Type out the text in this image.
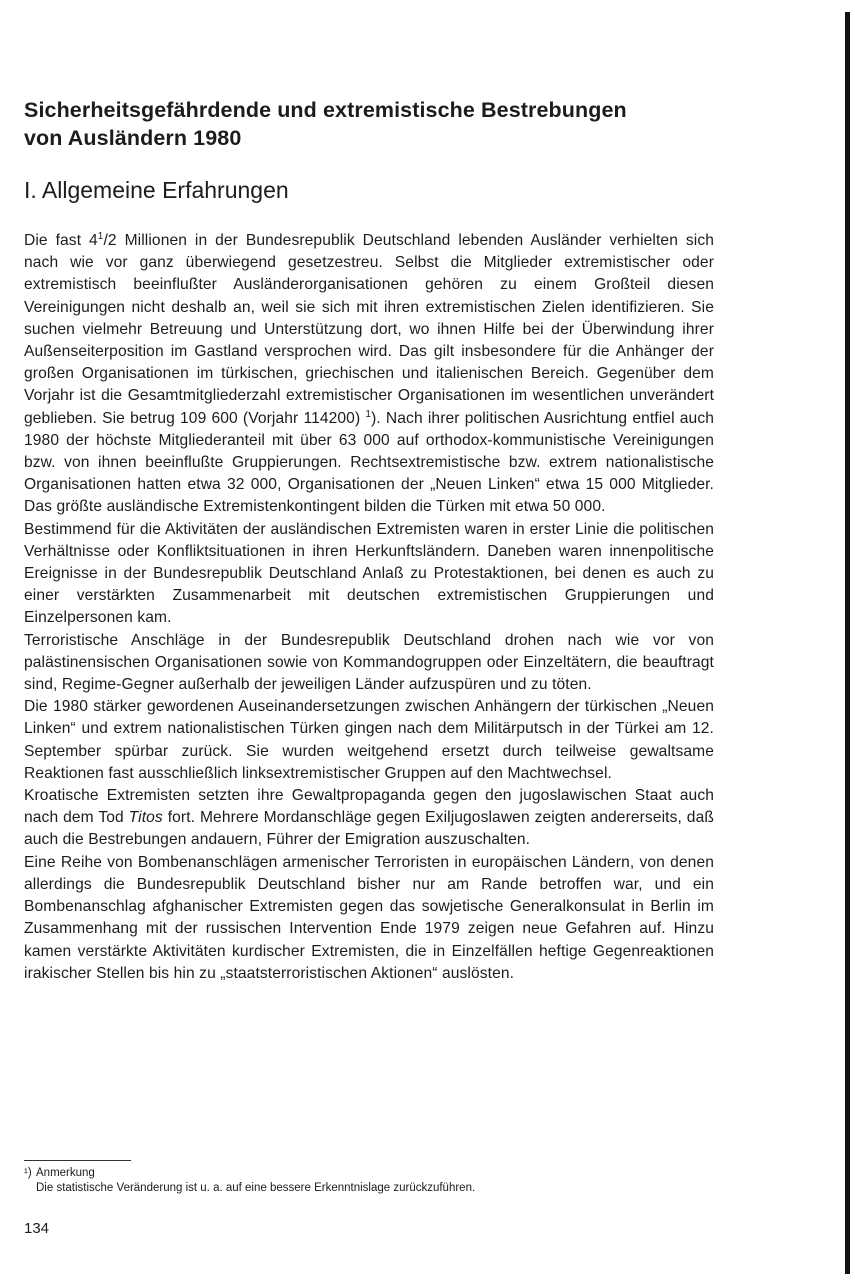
Sicherheitsgefährdende und extremistische Bestrebungen
von Ausländern 1980
I. Allgemeine Erfahrungen

Die fast $4^1/2$ Millionen in der Bundesrepublik Deutschland lebenden Ausländer verhielten sich nach wie vor ganz überwiegend gesetzestreu. Selbst die Mitglieder extremistischer oder extremistisch beeinflußter Ausländerorganisationen gehören zu einem Großteil diesen Vereinigungen nicht deshalb an, weil sie sich mit ihren extremistischen Zielen identifizieren. Sie suchen vielmehr Betreuung und Unterstützung dort, wo ihnen Hilfe bei der Überwindung ihrer Außenseiterposition im Gastland versprochen wird. Das gilt insbesondere für die Anhänger der großen Organisationen im türkischen, griechischen und italienischen Bereich. Gegenüber dem Vorjahr ist die Gesamtmitgliederzahl extremistischer Organisationen im wesentlichen unverändert geblieben. Sie betrug 109 600 (Vorjahr 114200) $^1$). Nach ihrer politischen Ausrichtung entfiel auch 1980 der höchste Mitgliederanteil mit über 63 000 auf orthodox-kommunistische Vereinigungen bzw. von ihnen beeinflußte Gruppierungen. Rechtsextremistische bzw. extrem nationalistische Organisationen hatten etwa 32 000, Organisationen der „Neuen Linken“ etwa 15 000 Mitglieder. Das größte ausländische Extremistenkontingent bilden die Türken mit etwa 50 000.

Bestimmend für die Aktivitäten der ausländischen Extremisten waren in erster Linie die politischen Verhältnisse oder Konfliktsituationen in ihren Herkunftsländern. Daneben waren innenpolitische Ereignisse in der Bundesrepublik Deutschland Anlaß zu Protestaktionen, bei denen es auch zu einer verstärkten Zusammenarbeit mit deutschen extremistischen Gruppierungen und Einzelpersonen kam.

Terroristische Anschläge in der Bundesrepublik Deutschland drohen nach wie vor von palästinensischen Organisationen sowie von Kommandogruppen oder Einzeltätern, die beauftragt sind, Regime-Gegner außerhalb der jeweiligen Länder aufzuspüren und zu töten.

Die 1980 stärker gewordenen Auseinandersetzungen zwischen Anhängern der türkischen „Neuen Linken“ und extrem nationalistischen Türken gingen nach dem Militärputsch in der Türkei am 12. September spürbar zurück. Sie wurden weitgehend ersetzt durch teilweise gewaltsame Reaktionen fast ausschließlich linksextremistischer Gruppen auf den Machtwechsel.

Kroatische Extremisten setzten ihre Gewaltpropaganda gegen den jugoslawischen Staat auch nach dem Tod Titos fort. Mehrere Mordanschläge gegen Exiljugoslawen zeigten andererseits, daß auch die Bestrebungen andauern, Führer der Emigration auszuschalten.

Eine Reihe von Bombenanschlägen armenischer Terroristen in europäischen Ländern, von denen allerdings die Bundesrepublik Deutschland bisher nur am Rande betroffen war, und ein Bombenanschlag afghanischer Extremisten gegen das sowjetische Generalkonsulat in Berlin im Zusammenhang mit der russischen Intervention Ende 1979 zeigen neue Gefahren auf. Hinzu kamen verstärkte Aktivitäten kurdischer Extremisten, die in Einzelfällen heftige Gegenreaktionen irakischer Stellen bis hin zu „staatsterroristischen Aktionen“ auslösten.

¹) Anmerkung
Die statistische Veränderung ist u. a. auf eine bessere Erkenntnislage zurückzuführen.
134
